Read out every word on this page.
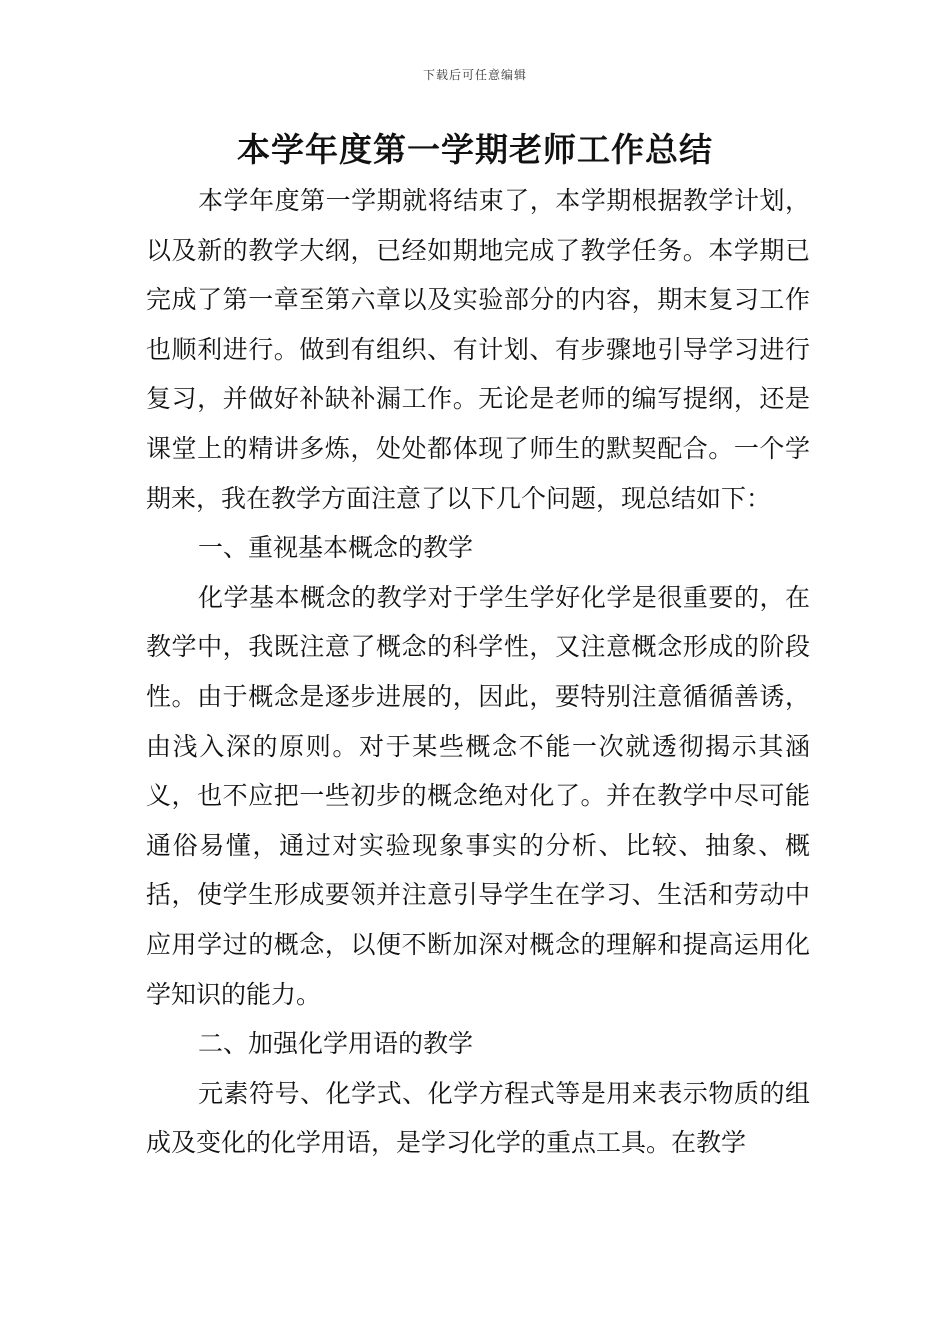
下载后可任意编辑
本学年度第一学期老师工作总结

本学年度第一学期就将结束了，本学期根据教学计划，以及新的教学大纲，已经如期地完成了教学任务。本学期已完成了第一章至第六章以及实验部分的内容，期末复习工作也顺利进行。做到有组织、有计划、有步骤地引导学习进行复习，并做好补缺补漏工作。无论是老师的编写提纲，还是课堂上的精讲多炼，处处都体现了师生的默契配合。一个学期来，我在教学方面注意了以下几个问题，现总结如下：

一、重视基本概念的教学

化学基本概念的教学对于学生学好化学是很重要的，在教学中，我既注意了概念的科学性，又注意概念形成的阶段性。由于概念是逐步进展的，因此，要特别注意循循善诱，由浅入深的原则。对于某些概念不能一次就透彻揭示其涵义，也不应把一些初步的概念绝对化了。并在教学中尽可能通俗易懂，通过对实验现象事实的分析、比较、抽象、概括，使学生形成要领并注意引导学生在学习、生活和劳动中应用学过的概念，以便不断加深对概念的理解和提高运用化学知识的能力。

二、加强化学用语的教学

元素符号、化学式、化学方程式等是用来表示物质的组成及变化的化学用语，是学习化学的重点工具。在教学
